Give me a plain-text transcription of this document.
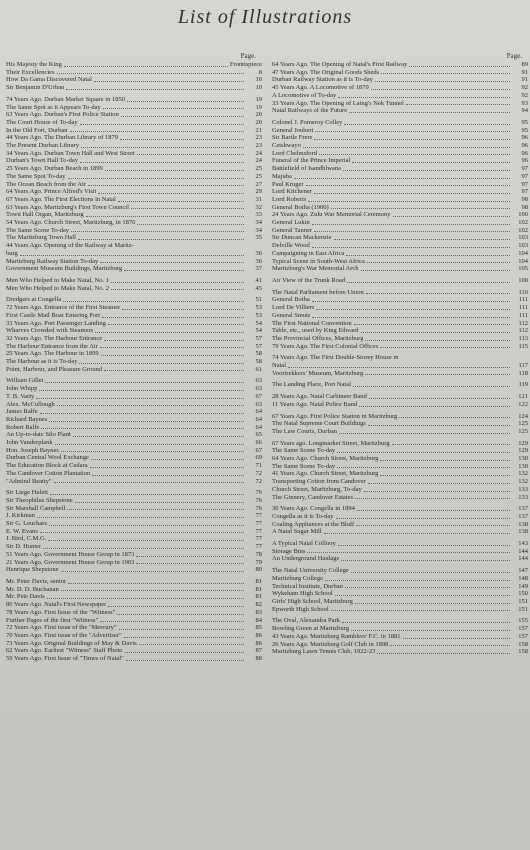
List of Illustrations
Page.
His Majesty the King	Frontispiece
Their Excellencies	8
How Da Gama Discovered Natal	10
Sir Benjamin D'Urban	10
74 Years Ago. Durban Market Square in 1850	19
The Same Spot as it Appears To-day	19
63 Years Ago. Durban's First Police Station	20
The Court House of To-day	20
In the Old Fort, Durban	21
44 Years Ago. The Durban Library of 1879	23
The Present Durban Library	23
34 Years Ago. Durban Town Hall and West Street	24
Durban's Town Hall To-day	24
25 Years Ago. Durban Beach in 1899	25
The Same Spot To-day	25
The Ocean Beach from the Air	27
64 Years Ago. Prince Alfred's Visit	29
67 Years Ago. The First Elections in Natal	31
63 Years Ago. Maritzburg's First Town Council	32
Town Hall Organ, Maritzburg	33
54 Years Ago. Church Street, Maritzburg, in 1870	34
The Same Scene To-day	34
The Maritzburg Town Hall	35
44 Years Ago. Opening of the Railway at Maritz-
burg	36
Maritzburg Railway Station To-day	36
Government Museum Buildings, Maritzburg	37
Men Who Helped to Make Natal, No. 1	41
Men Who Helped to Make Natal, No. 2	45
Dredgers at Congella	51
72 Years Ago. Entrance of the First Steamer	53
First Castle Mail Boat Entering Port	53
33 Years Ago. Port Passenger Landing	54
Wharves Crowded with Steamers	54
32 Years Ago. The Harbour Entrance	57
The Harbour Entrance from the Air	57
25 Years Ago. The Harbour in 1899	58
The Harbour as it is To-day	58
Point, Harbour, and Pleasure Ground	61
William Gillet	63
John Whipp	63
T. B. Varty	67
Alex. McCullough	63
James Ralfe	64
Richard Baynes	64
Robert Ralfe	64
An Up-to-date Silo Plant	65
John Vanderplank	66
Hon. Joseph Baynes	67
Durban Central Wool Exchange	69
The Education Block at Cedara	71
The Candover Cotton Plantation	72
"Admiral Beatty"	72
Sir Liege Hulett	76
Sir Theophilus Shepstone	76
Sir Marshall Campbell	76
J. Kirkman	77
Sir G. Leuchars	77
E. W. Evans	77
J. Bird, C.M.G.	77
Sir D. Hunter	77
51 Years Ago. Government House Group in 1873	78
21 Years Ago. Government House Group in 1903	79
Henrique Shepstone	80
Mr. Peter Davis, senior	81
Mr. D. D. Buchanan	81
Mr. Pete Davis	81
80 Years Ago. Natal's First Newspaper	82
78 Years Ago. First Issue of the "Witness"	83
Further Pages of the first "Witness"	84
72 Years Ago. First issue of the "Mercury"	85
70 Years Ago. First issue of the "Advertiser"	86
73 Years Ago. Original Buildings of May & Davis	86
62 Years Ago. Earliest "Witness" Staff Photo	87
59 Years Ago. First Issue of "Times of Natal"	88
Page.
64 Years Ago. The Opening of Natal's First Railway	89
47 Years Ago. The Original Goods Sheds	91
Durban Railway Station as it is To-day	91
45 Years Ago. A Locomotive of 1879	92
A Locomotive of To-day	92
33 Years Ago. The Opening of Laing's Nek Tunnel	93
Natal Railways of the Future	94
Colonel J. Pomeroy Colley	95
General Joubert	95
Sir Bartle Frere	96
Cetshwayo	96
Lord Chelmsford	96
Funeral of the Prince Imperial	96
Battlefield of Isandhlwana	97
Majuba	97
Paul Kruger	97
Lord Kitchener	97
Lord Roberts	98
General Botha (1900)	98
24 Years Ago. Zulu War Memorial Ceremony	100
General Lukin	102
General Tanner	102
Sir Duncan Mackenzie	103
Delville Wood	103
Campaigning in East Africa	104
Typical Scene in South-West Africa	104
Maritzburg's War Memorial Arch	105
Air View of the Trunk Road	108
The Natal Parliament before Union	110
General Botha	111
Lord De Villiers	111
General Smuts	111
The First National Convention	112
Table, etc., used by King Edward	112
The Provincial Offices, Maritzburg	113
79 Years Ago. The First Colonial Offices	115
74 Years Ago. The First Double-Storey House in
Natal	117
Voortrekkers' Museum, Maritzburg	118
The Landing Place, Port Natal	119
28 Years Ago. Natal Carbineer Band	121
11 Years Ago. Natal Police Band	122
67 Years Ago. First Police Station in Maritzburg	124
The Natal Supreme Court Buildings	125
The Law Courts, Durban	125
67 Years ago. Longmarket Street, Maritzburg	129
The Same Scene To-day	129
64 Years Ago. Church Street, Maritzburg	130
The Same Scene To-day	130
41 Years Ago. Church Street, Maritzburg	132
Transporting Cotton from Candover	132
Church Street, Maritzburg, To-day	133
The Ginnery, Candover Estates	133
30 Years Ago. Congella in 1894	137
Congella as it is To-day	137
Coaling Appliances at the Bluff	138
A Natal Sugar Mill	138
A Typical Natal Colliery	143
Storage Bins	144
An Underground Haulage	144
The Natal University College	147
Maritzburg College	148
Technical Institute, Durban	149
Wykeham High School	150
Girls' High School, Maritzburg	151
Epworth High School	151
The Oval, Alexandra Park	155
Bowling Green at Maritzburg	157
43 Years Ago. Maritzburg Ramblers' F.C. in 1881	157
26 Years Ago. Maritzburg Golf Club in 1898	158
Maritzburg Lawn Tennis Club, 1922-23	158
